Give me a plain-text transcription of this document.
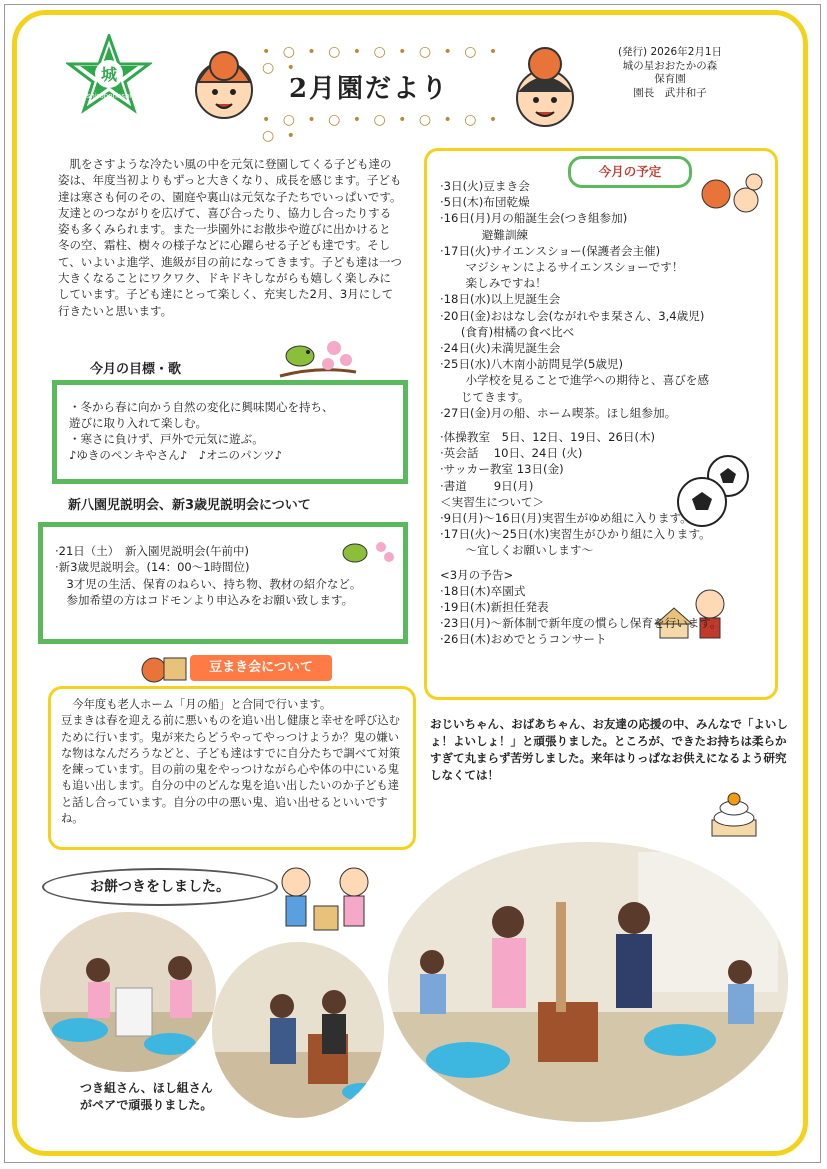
城
shironohoshi
• ○ • ○ • ○ • ○ • ○ • ○ •
• ○ • ○ • ○ • ○ • ○ • ○ •
2月園だより
(発行) 2026年2月1日
城の星おおたかの森
保育園
園長　武井和子
肌をさすような冷たい風の中を元気に登園してくる子ども達の姿は、年度当初よりもずっと大きくなり、成長を感じます。子ども達は寒さも何のその、園庭や裏山は元気な子たちでいっぱいです。友達とのつながりを広げて、喜び合ったり、協力し合ったりする姿も多くみられます。また一歩園外にお散歩や遊びに出かけると冬の空、霜柱、樹々の様子などに心躍らせる子ども達です。そして、いよいよ進学、進級が目の前になってきます。子ども達は一つ大きくなることにワクワク、ドキドキしながらも嬉しく楽しみにしています。子ども達にとって楽しく、充実した2月、3月にして行きたいと思います。
今月の目標・歌
・冬から春に向かう自然の変化に興味関心を持ち、
遊びに取り入れて楽しむ。
・寒さに負けず、戸外で元気に遊ぶ。
♪ゆきのペンキやさん♪　♪オニのパンツ♪
新八園児説明会、新3歳児説明会について
·21日（土）　新入園児説明会(午前中)
·新3歳児説明会。(14：00～1時間位)
　3才児の生活、保育のねらい、持ち物、教材の紹介など。
　参加希望の方はコドモンより申込みをお願い致します。
豆まき会について
今年度も老人ホーム「月の船」と合同で行います。
豆まきは春を迎える前に悪いものを追い出し健康と幸せを呼び込むために行います。鬼が来たらどうやってやっつけようか？鬼の嫌いな物はなんだろうなどと、子ども達はすでに自分たちで調べて対策を練っています。目の前の鬼をやっつけながら心や体の中にいる鬼も追い出します。自分の中のどんな鬼を追い出したいのか子ども達と話し合っています。自分の中の悪い鬼、追い出せるといいですね。
今月の予定
·3日(火)豆まき会
·5日(木)布団乾燥
·16日(月)月の船誕生会(つき組参加)
避難訓練
·17日(火)サイエンスショー(保護者会主催)
マジシャンによるサイエンスショーです！
楽しみですね！
·18日(水)以上児誕生会
·20日(金)おはなし会(ながれやま栞さん、3,4歳児)
(食育)柑橘の食べ比べ
·24日(火)未満児誕生会
·25日(水)八木南小訪問見学(5歳児)
小学校を見ることで進学への期待と、喜びを感
じてきます。
·27日(金)月の船、ホーム喫茶。ほし組参加。
·体操教室　5日、12日、19日、26日(木)
·英会話　 10日、24日 (火)
·サッカー教室 13日(金)
·書道　　 9日(月)
＜実習生について＞
·9日(月)～16日(月)実習生がゆめ組に入ります。
·17日(火)～25日(水)実習生がひかり組に入ります。
～宜しくお願いします～
<3月の予告>
·18日(木)卒園式
·19日(木)新担任発表
·23日(月)～新体制で新年度の慣らし保育を行います。
·26日(木)おめでとうコンサート
おじいちゃん、おばあちゃん、お友達の応援の中、みんなで「よいしょ！よいしょ！」と頑張りました。ところが、できたお持ちは柔らかすぎて丸まらず苦労しました。来年はりっぱなお供えになるよう研究しなくては！
お餅つきをしました。
つき組さん、ほし組さん
がペアで頑張りました。
